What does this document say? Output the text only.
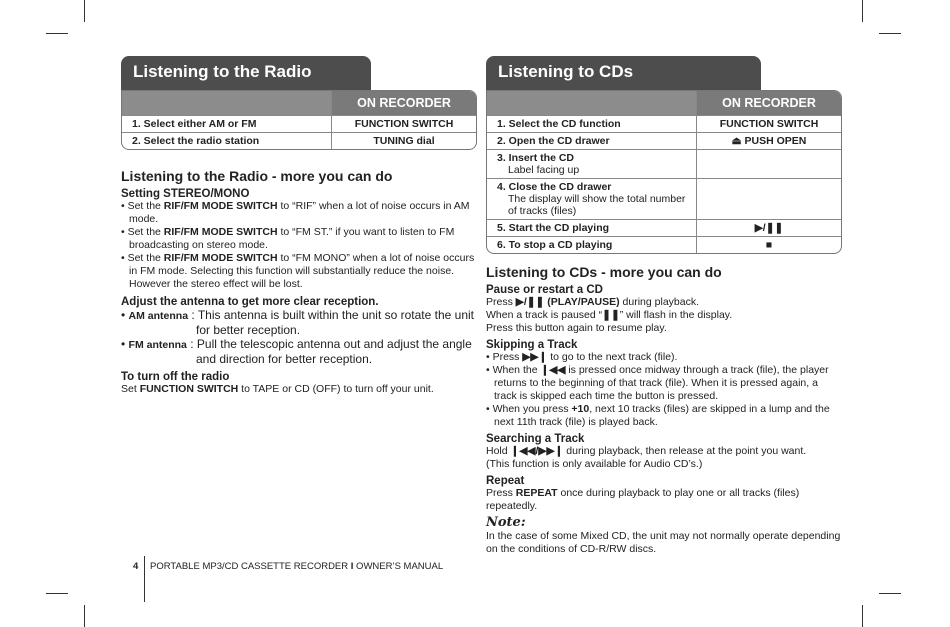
Listening to the Radio
	ON RECORDER
1. Select either AM or FM	FUNCTION SWITCH
2. Select the radio station	TUNING dial
Listening to the Radio - more you can do
Setting STEREO/MONO

• Set the RIF/FM MODE SWITCH to “RIF” when a lot of noise occurs in AM mode.

• Set the RIF/FM MODE SWITCH to “FM ST.” if you want to listen to FM broadcasting on stereo mode.

• Set the RIF/FM MODE SWITCH to “FM MONO” when a lot of noise occurs in FM mode. Selecting this function will substantially reduce the noise. However the stereo effect will be lost.

Adjust the antenna to get more clear reception.

• AM antenna : This antenna is built within the unit so rotate the unit for better reception.

• FM antenna : Pull the telescopic antenna out and adjust the angle and direction for better reception.

To turn off the radio

Set FUNCTION SWITCH to TAPE or CD (OFF) to turn off your unit.

Listening to CDs
	ON RECORDER
1. Select the CD function	FUNCTION SWITCH
2. Open the CD drawer	⏏ PUSH OPEN
3. Insert the CD
Label facing up	

4. Close the CD drawer
The display will show the total number of tracks (files)	

5. Start the CD playing	▶/❚❚
6. To stop a CD playing	■
Listening to CDs - more you can do
Pause or restart a CD

Press ▶/❚❚ (PLAY/PAUSE) during playback.

When a track is paused “❚❚” will flash in the display.

Press this button again to resume play.

Skipping a Track

• Press ▶▶❙ to go to the next track (file).

• When the ❙◀◀ is pressed once midway through a track (file), the player returns to the beginning of that track (file). When it is pressed again, a track is skipped each time the button is pressed.

• When you press +10, next 10 tracks (files) are skipped in a lump and the next 11th track (file) is played back.

Searching a Track

Hold ❙◀◀/▶▶❙ during playback, then release at the point you want.

(This function is only available for Audio CD’s.)

Repeat

Press REPEAT once during playback to play one or all tracks (files) repeatedly.

Note:

In the case of some Mixed CD, the unit may not normally operate depending on the conditions of CD-R/RW discs.

4 PORTABLE MP3/CD CASSETTE RECORDER I OWNER’S MANUAL
